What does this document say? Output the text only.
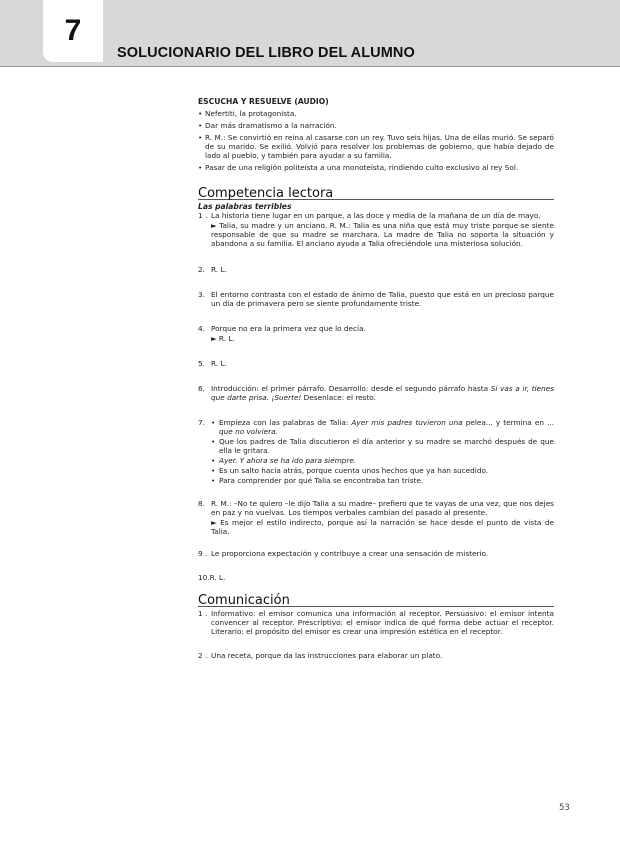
7
SOLUCIONARIO DEL LIBRO DEL ALUMNO
ESCUCHA Y RESUELVE (AUDIO)
• Nefertiti, la protagonista.
• Dar más dramatismo a la narración.
• R. M.: Se convirtió en reina al casarse con un rey. Tuvo seis hijas. Una de ellas murió. Se separó de su marido. Se exilió. Volvió para resolver los problemas de gobierno, que había dejado de lado al pueblo, y también para ayudar a su familia.
• Pasar de una religión politeísta a una monoteísta, rindiendo culto exclusivo al rey Sol.
Competencia lectora
Las palabras terribles
1 . La historia tiene lugar en un parque, a las doce y media de la mañana de un día de mayo.

► Talia, su madre y un anciano. R. M.: Talia es una niña que está muy triste porque se siente responsable de que su madre se marchara. La madre de Talia no soporta la situación y abandona a su familia. El anciano ayuda a Talia ofreciéndole una misteriosa solución.

2. R. L.

3. El entorno contrasta con el estado de ánimo de Talia, puesto que está en un precioso parque un día de primavera pero se siente profundamente triste.

4. Porque no era la primera vez que lo decía.

► R. L.

5. R. L.

6. Introducción: el primer párrafo. Desarrollo: desde el segundo párrafo hasta Si vas a ir, tienes que darte prisa. ¡Suerte! Desenlace: el resto.

7. • Empieza con las palabras de Talia: Ayer mis padres tuvieron una pelea... y termina en ... que no volviera.
• Que los padres de Talia discutieron el día anterior y su madre se marchó después de que ella le gritara.
• Ayer. Y ahora se ha ido para siempre.
• Es un salto hacia atrás, porque cuenta unos hechos que ya han sucedido.
• Para comprender por qué Talia se encontraba tan triste.
8. R. M.: –No te quiero –le dijo Talia a su madre– prefiero que te vayas de una vez, que nos dejes en paz y no vuelvas. Los tiempos verbales cambian del pasado al presente.

► Es mejor el estilo indirecto, porque así la narración se hace desde el punto de vista de Talia.

9 . Le proporciona expectación y contribuye a crear una sensación de misterio.

10.R. L.
Comunicación
1 . Informativo: el emisor comunica una información al receptor. Persuasivo: el emisor intenta convencer al receptor. Prescriptivo: el emisor indica de qué forma debe actuar el receptor. Literario: el propósito del emisor es crear una impresión estética en el receptor.

2 . Una receta, porque da las instrucciones para elaborar un plato.

53
